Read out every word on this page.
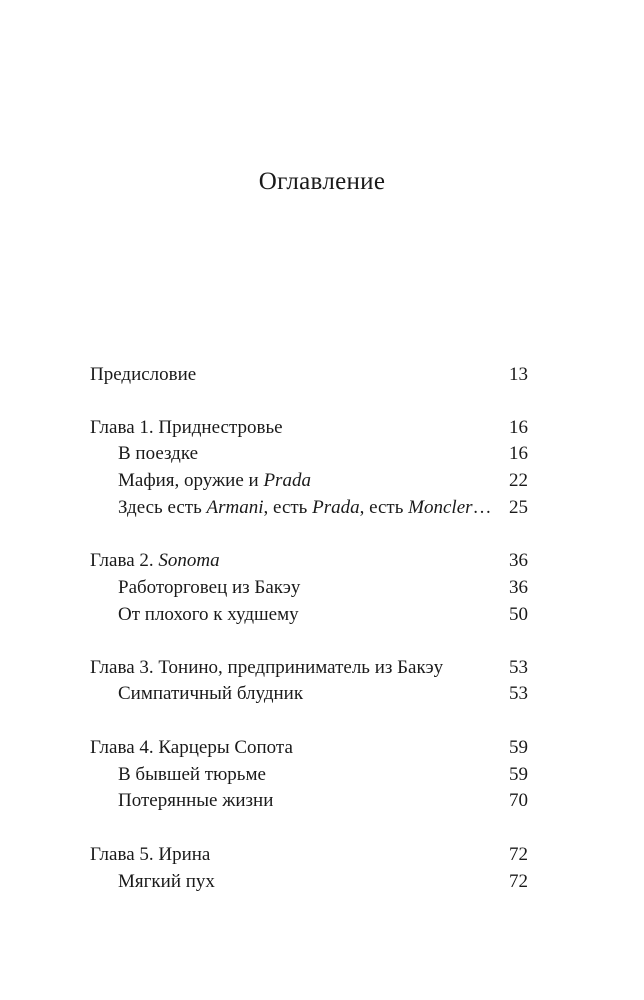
Оглавление
Предисловие	13
Глава 1. Приднестровье	16
В поездке	16
Мафия, оружие и Prada	22
Здесь есть Armani, есть Prada, есть Moncler… 25
Глава 2. Sonoma	36
Работорговец из Бакэу	36
От плохого к худшему	50
Глава 3. Тонино, предприниматель из Бакэу	53
Симпатичный блудник	53
Глава 4. Карцеры Сопота	59
В бывшей тюрьме	59
Потерянные жизни	70
Глава 5. Ирина	72
Мягкий пух	72
